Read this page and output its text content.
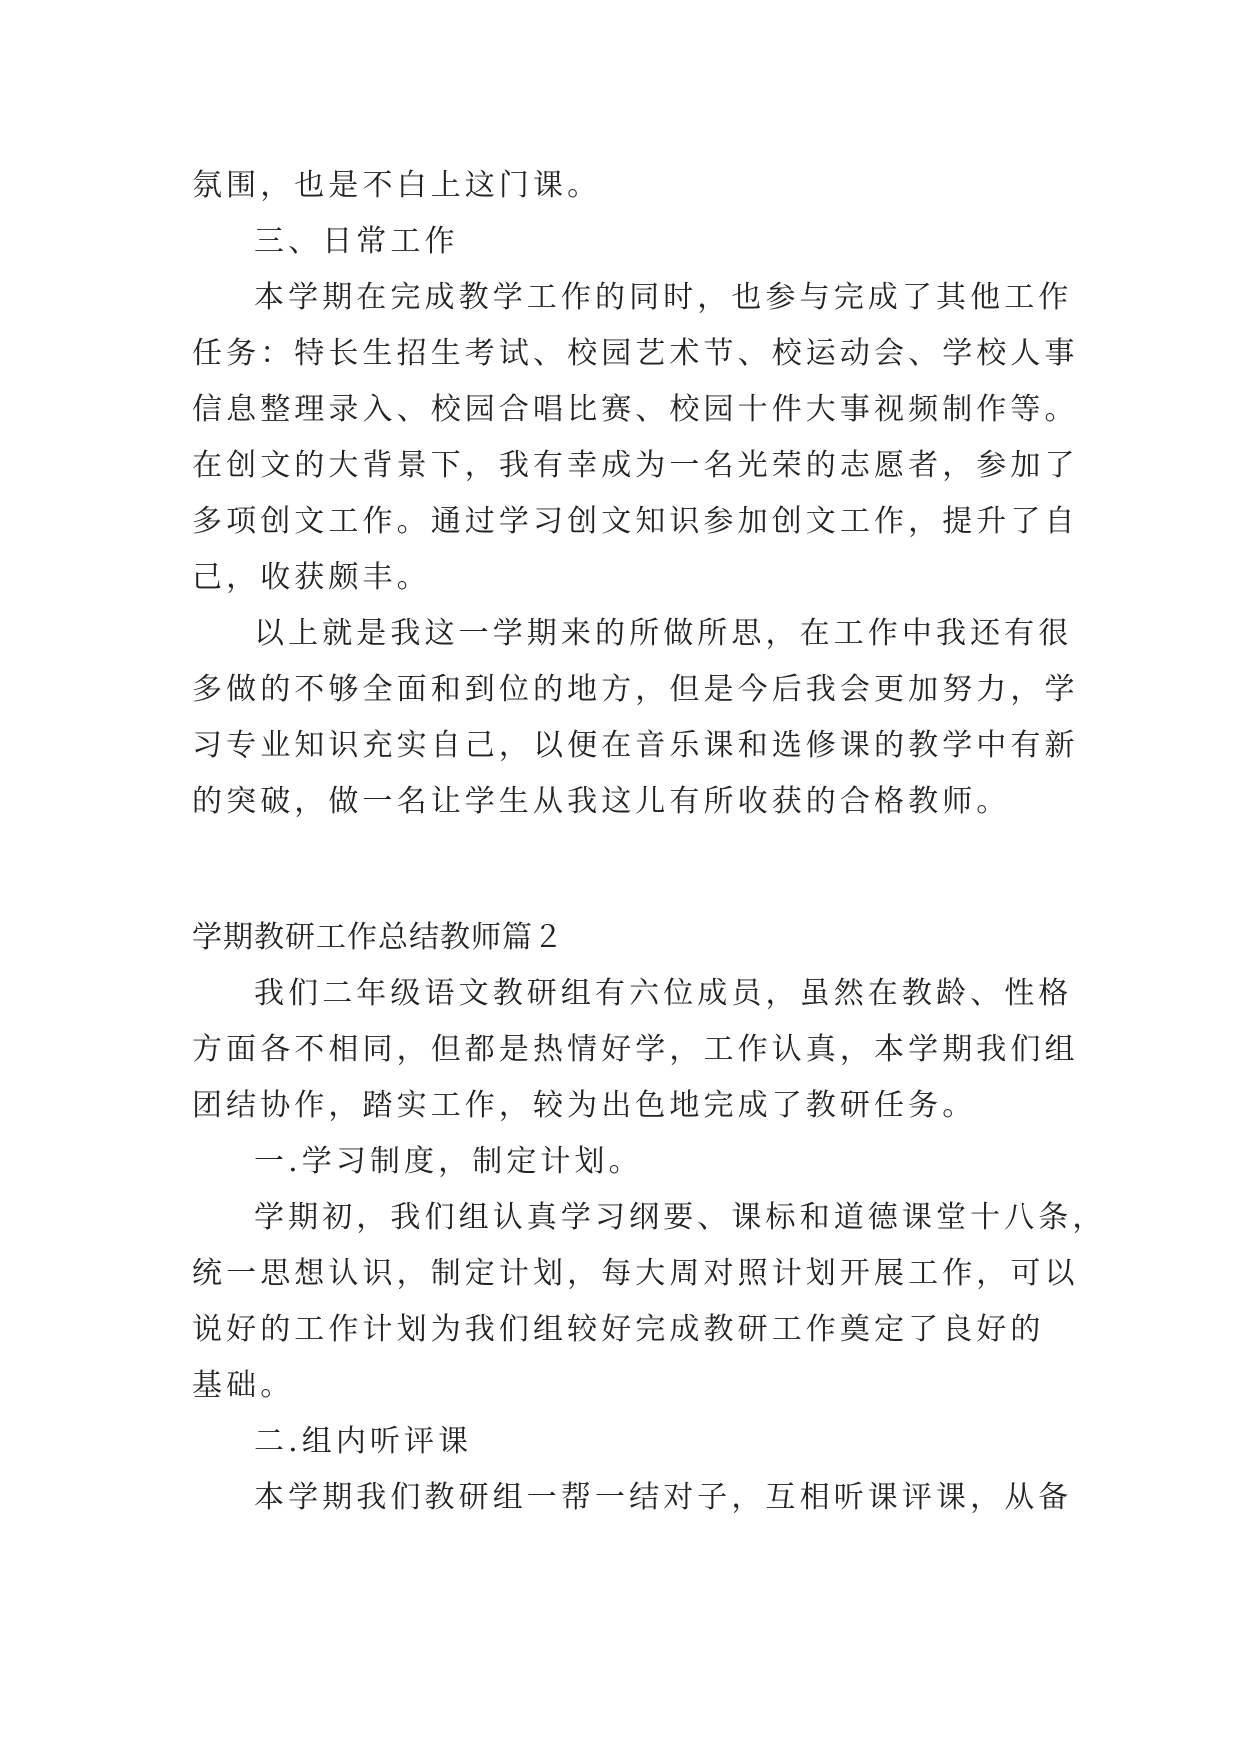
氛围，也是不白上这门课。
三、日常工作
本学期在完成教学工作的同时，也参与完成了其他工作
任务：特长生招生考试、校园艺术节、校运动会、学校人事
信息整理录入、校园合唱比赛、校园十件大事视频制作等。
在创文的大背景下，我有幸成为一名光荣的志愿者，参加了
多项创文工作。通过学习创文知识参加创文工作，提升了自
己，收获颇丰。
以上就是我这一学期来的所做所思，在工作中我还有很
多做的不够全面和到位的地方，但是今后我会更加努力，学
习专业知识充实自己，以便在音乐课和选修课的教学中有新
的突破，做一名让学生从我这儿有所收获的合格教师。
学期教研工作总结教师篇２
我们二年级语文教研组有六位成员，虽然在教龄、性格
方面各不相同，但都是热情好学，工作认真，本学期我们组
团结协作，踏实工作，较为出色地完成了教研任务。
一.学习制度，制定计划。
学期初，我们组认真学习纲要、课标和道德课堂十八条，
统一思想认识，制定计划，每大周对照计划开展工作，可以
说好的工作计划为我们组较好完成教研工作奠定了良好的
基础。
二.组内听评课
本学期我们教研组一帮一结对子，互相听课评课，从备
